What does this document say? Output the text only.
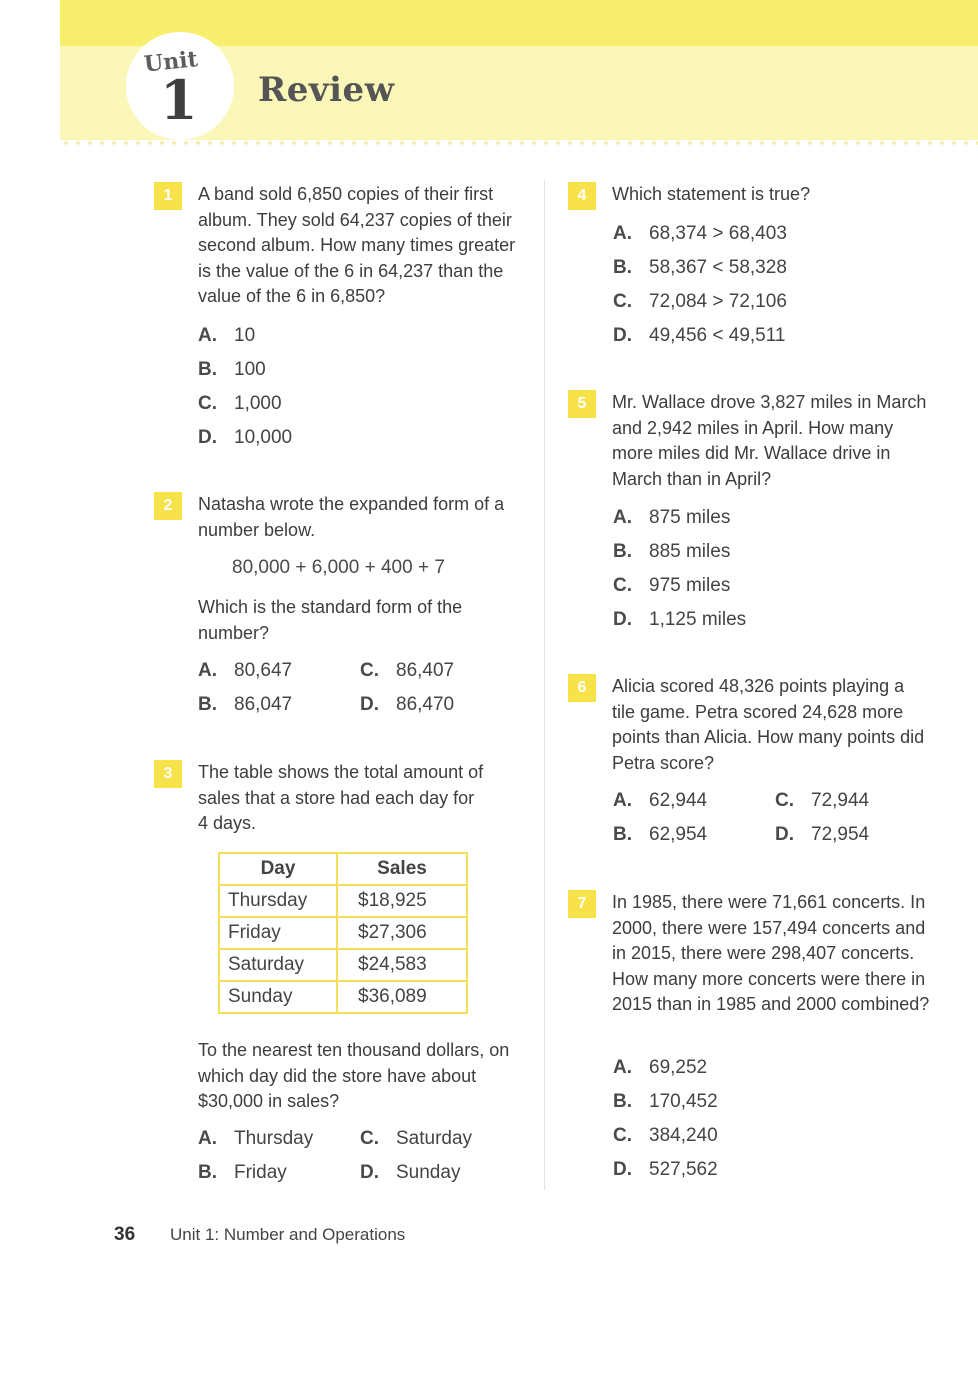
Unit
1 Review
1	A band sold 6,850 copies of their first album. They sold 64,237 copies of their second album. How many times greater is the value of the 6 in 64,237 than the value of the 6 in 6,850?
A. 10
B. 100
C. 1,000
D. 10,000
2	Natasha wrote the expanded form of a number below.
80,000 + 6,000 + 400 + 7
Which is the standard form of the number?
A. 80,647
B. 86,047
C. 86,407
D. 86,470
3	The table shows the total amount of sales that a store had each day for 4 days.
Day	Sales
Thursday	$18,925
Friday	$27,306
Saturday	$24,583
Sunday	$36,089
To the nearest ten thousand dollars, on which day did the store have about $30,000 in sales?
A. Thursday
B. Friday
C. Saturday
D. Sunday
4	Which statement is true?
A. 68,374 > 68,403
B. 58,367 < 58,328
C. 72,084 > 72,106
D. 49,456 < 49,511
5	Mr. Wallace drove 3,827 miles in March and 2,942 miles in April. How many more miles did Mr. Wallace drive in March than in April?
A. 875 miles
B. 885 miles
C. 975 miles
D. 1,125 miles
6	Alicia scored 48,326 points playing a tile game. Petra scored 24,628 more points than Alicia. How many points did Petra score?
A. 62,944
B. 62,954
C. 72,944
D. 72,954
7	In 1985, there were 71,661 concerts. In 2000, there were 157,494 concerts and in 2015, there were 298,407 concerts. How many more concerts were there in 2015 than in 1985 and 2000 combined?
A. 69,252
B. 170,452
C. 384,240
D. 527,562
36 Unit 1: Number and Operations
